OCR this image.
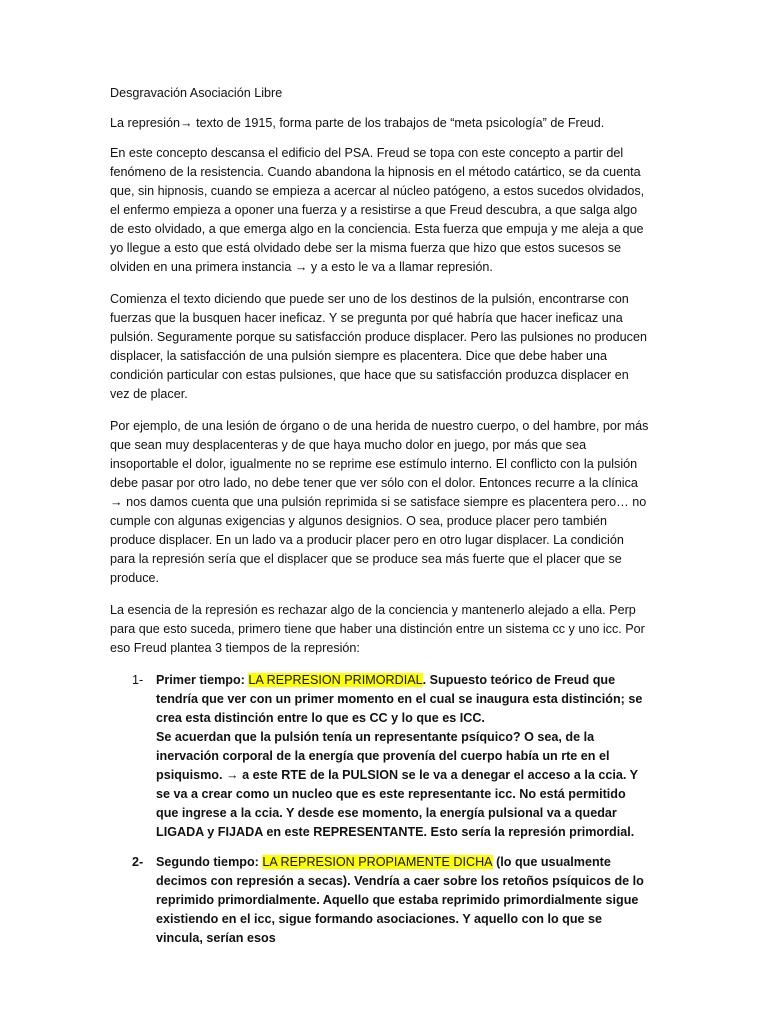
Desgravación Asociación Libre

La represión→ texto de 1915, forma parte de los trabajos de “meta psicología” de Freud.

En este concepto descansa el edificio del PSA. Freud se topa con este concepto a partir del fenómeno de la resistencia. Cuando abandona la hipnosis en el método catártico, se da cuenta que, sin hipnosis, cuando se empieza a acercar al núcleo patógeno, a estos sucedos olvidados, el enfermo empieza a oponer una fuerza y a resistirse a que Freud descubra, a que salga algo de esto olvidado, a que emerga algo en la conciencia. Esta fuerza que empuja y me aleja a que yo llegue a esto que está olvidado debe ser la misma fuerza que hizo que estos sucesos se olviden en una primera instancia → y a esto le va a llamar represión.

Comienza el texto diciendo que puede ser uno de los destinos de la pulsión, encontrarse con fuerzas que la busquen hacer ineficaz. Y se pregunta por qué habría que hacer ineficaz una pulsión. Seguramente porque su satisfacción produce displacer. Pero las pulsiones no producen displacer, la satisfacción de una pulsión siempre es placentera. Dice que debe haber una condición particular con estas pulsiones, que hace que su satisfacción produzca displacer en vez de placer.

Por ejemplo, de una lesión de órgano o de una herida de nuestro cuerpo, o del hambre, por más que sean muy desplacenteras y de que haya mucho dolor en juego, por más que sea insoportable el dolor, igualmente no se reprime ese estímulo interno. El conflicto con la pulsión debe pasar por otro lado, no debe tener que ver sólo con el dolor. Entonces recurre a la clínica → nos damos cuenta que una pulsión reprimida si se satisface siempre es placentera pero… no cumple con algunas exigencias y algunos designios. O sea, produce placer pero también produce displacer. En un lado va a producir placer pero en otro lugar displacer. La condición para la represión sería que el displacer que se produce sea más fuerte que el placer que se produce.

La esencia de la represión es rechazar algo de la conciencia y mantenerlo alejado a ella. Perp para que esto suceda, primero tiene que haber una distinción entre un sistema cc y uno icc. Por eso Freud plantea 3 tiempos de la represión:

1- Primer tiempo: LA REPRESION PRIMORDIAL. Supuesto teórico de Freud que tendría que ver con un primer momento en el cual se inaugura esta distinción; se crea esta distinción entre lo que es CC y lo que es ICC.
Se acuerdan que la pulsión tenía un representante psíquico? O sea, de la inervación corporal de la energía que provenía del cuerpo había un rte en el psiquismo. → a este RTE de la PULSION se le va a denegar el acceso a la ccia. Y se va a crear como un nucleo que es este representante icc. No está permitido que ingrese a la ccia. Y desde ese momento, la energía pulsional va a quedar LIGADA y FIJADA en este REPRESENTANTE. Esto sería la represión primordial.
2- Segundo tiempo: LA REPRESION PROPIAMENTE DICHA (lo que usualmente decimos con represión a secas). Vendría a caer sobre los retoños psíquicos de lo reprimido primordialmente. Aquello que estaba reprimido primordialmente sigue existiendo en el icc, sigue formando asociaciones. Y aquello con lo que se vincula, serían esos
